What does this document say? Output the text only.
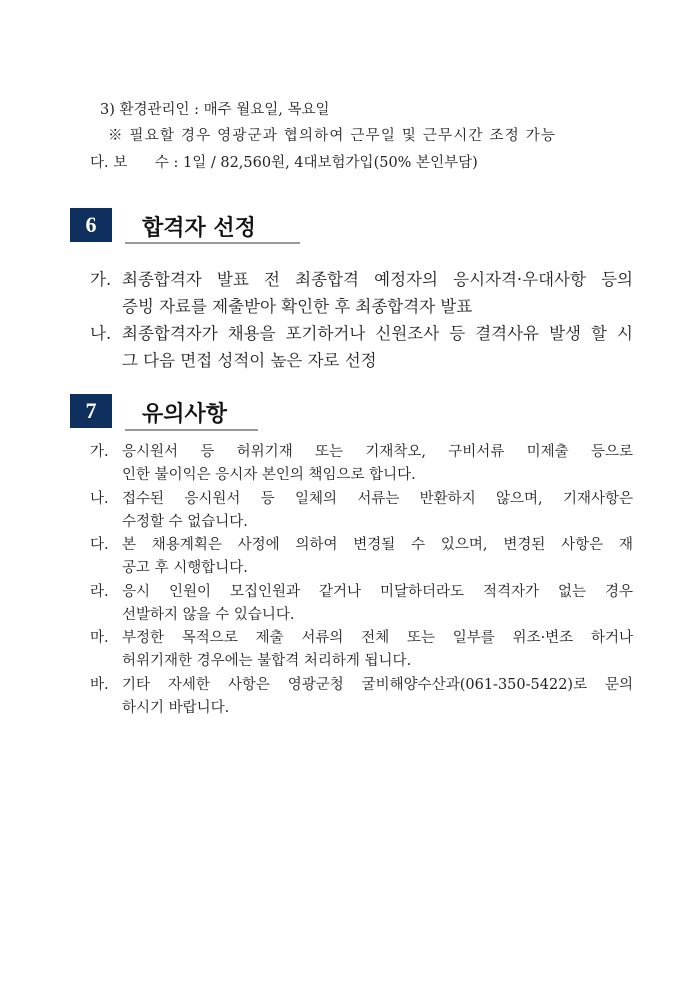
3) 환경관리인 : 매주 월요일, 목요일
※ 필요할 경우 영광군과 협의하여 근무일 및 근무시간 조정 가능
다. 보      수 : 1일 / 82,560원, 4대보험가입(50% 본인부담)
6	합격자 선정
가. 최종합격자 발표 전 최종합격 예정자의 응시자격·우대사항 등의
증빙 자료를 제출받아 확인한 후 최종합격자 발표
나. 최종합격자가 채용을 포기하거나 신원조사 등 결격사유 발생 할 시
그 다음 면접 성적이 높은 자로 선정
7	유의사항
가. 응시원서 등 허위기재 또는 기재착오, 구비서류 미제출 등으로
인한 불이익은 응시자 본인의 책임으로 합니다.
나. 접수된 응시원서 등 일체의 서류는 반환하지 않으며, 기재사항은
수정할 수 없습니다.
다. 본 채용계획은 사정에 의하여 변경될 수 있으며, 변경된 사항은 재
공고 후 시행합니다.
라. 응시 인원이 모집인원과 같거나 미달하더라도 적격자가 없는 경우
선발하지 않을 수 있습니다.
마. 부정한 목적으로 제출 서류의 전체 또는 일부를 위조·변조 하거나
허위기재한 경우에는 불합격 처리하게 됩니다.
바. 기타 자세한 사항은 영광군청 굴비해양수산과(061-350-5422)로 문의
하시기 바랍니다.
